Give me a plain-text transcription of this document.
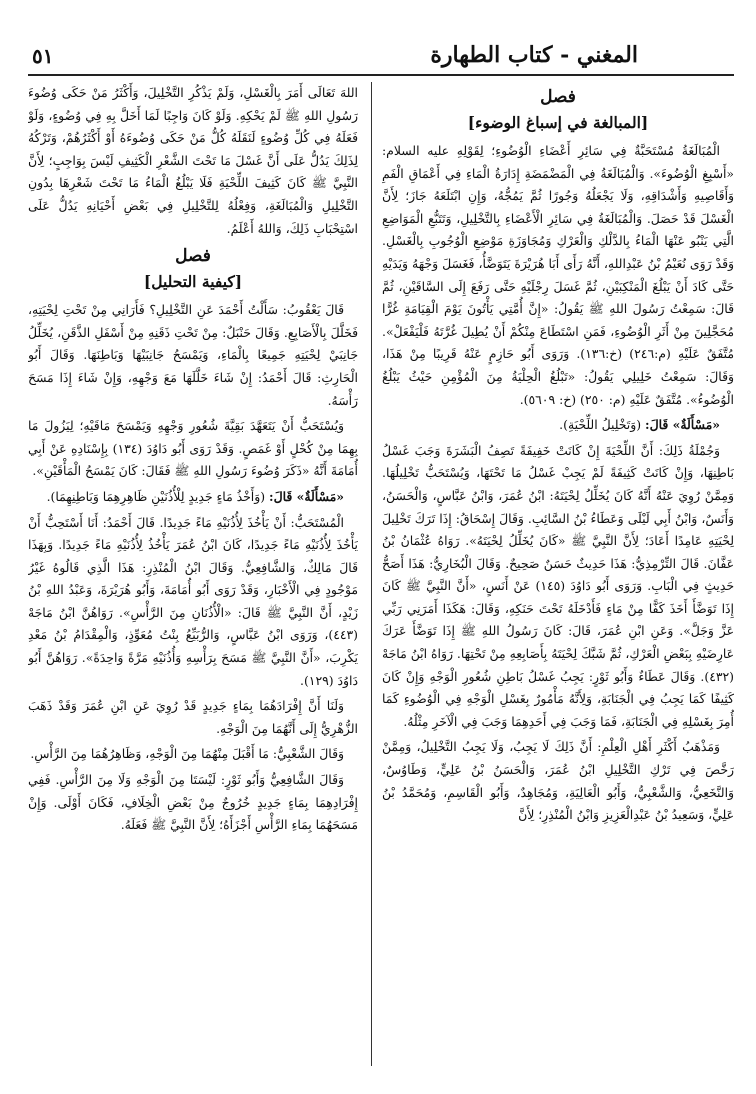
٥١	المغني - كتاب الطهارة
فصل
[المبالغة في إسباغ الوضوء]

الْمُبَالَغَةُ مُسْتَحَبَّةٌ فِي سَائِرِ أَعْضَاءِ الْوُضُوءِ؛ لِقَوْلِهِ عليه السلام: «أَسْبِغِ الْوُضُوءَ». وَالْمُبَالَغَةُ فِي الْمَضْمَضَةِ إِدَارَةُ الْمَاءِ فِي أَعْمَاقِ الْفَمِ وَأَقَاصِيهِ وَأَشْدَاقِهِ، وَلَا يَجْعَلُهُ وَجُورًا ثُمَّ يَمُجُّهُ، وَإِنِ ابْتَلَعَهُ جَازَ؛ لِأَنَّ الْغَسْلَ قَدْ حَصَلَ. وَالْمُبَالَغَةُ فِي سَائِرِ الْأَعْضَاءِ بِالتَّخْلِيلِ، وَتَتَبُّعِ الْمَوَاضِعِ الَّتِي يَنْبُو عَنْهَا الْمَاءُ بِالدَّلْكِ وَالْعَرْكِ وَمُجَاوَزَةِ مَوْضِعِ الْوُجُوبِ بِالْغَسْلِ. وَقَدْ رَوَى نُعَيْمُ بْنُ عَبْدِاللهِ، أَنَّهُ رَأَى أَبَا هُرَيْرَةَ يَتَوَضَّأُ، فَغَسَلَ وَجْهَهُ وَيَدَيْهِ حَتَّى كَادَ أَنْ يَبْلُغَ الْمَنْكِبَيْنِ، ثُمَّ غَسَلَ رِجْلَيْهِ حَتَّى رَفَعَ إِلَى السَّاقَيْنِ، ثُمَّ قَالَ: سَمِعْتُ رَسُولَ اللهِ ﷺ يَقُولُ: «إِنَّ أُمَّتِي يَأْتُونَ يَوْمَ الْقِيَامَةِ غُرًّا مُحَجَّلِينَ مِنْ أَثَرِ الْوُضُوءِ، فَمَنِ اسْتَطَاعَ مِنْكُمْ أَنْ يُطِيلَ غُرَّتَهُ فَلْيَفْعَلْ». مُتَّفَقٌ عَلَيْهِ (م:٢٤٦) (خ:١٣٦). وَرَوَى أَبُو حَازِمٍ عَنْهُ قَرِيبًا مِنْ هَذَا، وَقَالَ: سَمِعْتُ خَلِيلِي يَقُولُ: «تَبْلُغُ الْحِلْيَةُ مِنَ الْمُؤْمِنِ حَيْثُ يَبْلُغُ الْوُضُوءُ». مُتَّفَقٌ عَلَيْهِ (م: ٢٥٠) (خ: ٥٦٠٩).

«مَسْأَلَةٌ» قَالَ: (وَتَخْلِيلُ اللِّحْيَةِ).

وَجُمْلَةُ ذَلِكَ: أَنَّ اللِّحْيَةَ إِنْ كَانَتْ خَفِيفَةً تَصِفُ الْبَشَرَةَ وَجَبَ غَسْلُ بَاطِنِهَا، وَإِنْ كَانَتْ كَثِيفَةً لَمْ يَجِبْ غَسْلُ مَا تَحْتَهَا، وَيُسْتَحَبُّ تَخْلِيلُهَا. وَمِمَّنْ رُوِيَ عَنْهُ أَنَّهُ كَانَ يُخَلِّلُ لِحْيَتَهُ: ابْنُ عُمَرَ، وَابْنُ عَبَّاسٍ، وَالْحَسَنُ، وَأَنَسٌ، وَابْنُ أَبِي لَيْلَى وَعَطَاءُ بْنُ السَّائِبِ. وَقَالَ إِسْحَاقُ: إِذَا تَرَكَ تَخْلِيلَ لِحْيَتِهِ عَامِدًا أَعَادَ؛ لِأَنَّ النَّبِيَّ ﷺ «كَانَ يُخَلِّلُ لِحْيَتَهُ». رَوَاهُ عُثْمَانُ بْنُ عَفَّانَ. قَالَ التِّرْمِذِيُّ: هَذَا حَدِيثٌ حَسَنٌ صَحِيحٌ. وَقَالَ الْبُخَارِيُّ: هَذَا أَصَحُّ حَدِيثٍ فِي الْبَابِ. وَرَوَى أَبُو دَاوُدَ (١٤٥) عَنْ أَنَسٍ، «أَنَّ النَّبِيَّ ﷺ كَانَ إِذَا تَوَضَّأَ أَخَذَ كَفًّا مِنْ مَاءٍ فَأَدْخَلَهُ تَحْتَ حَنَكِهِ، وَقَالَ: هَكَذَا أَمَرَنِي رَبِّي عَزَّ وَجَلَّ». وَعَنِ ابْنِ عُمَرَ، قَالَ: كَانَ رَسُولُ اللهِ ﷺ إِذَا تَوَضَّأَ عَرَكَ عَارِضَيْهِ بِبَعْضِ الْعَرْكِ، ثُمَّ شَبَّكَ لِحْيَتَهُ بِأَصَابِعِهِ مِنْ تَحْتِهَا. رَوَاهُ ابْنُ مَاجَهْ (٤٣٢). وَقَالَ عَطَاءٌ وَأَبُو ثَوْرٍ: يَجِبُ غَسْلُ بَاطِنِ شُعُورِ الْوَجْهِ وَإِنْ كَانَ كَثِيفًا كَمَا يَجِبُ فِي الْجَنَابَةِ، وَلِأَنَّهُ مَأْمُورٌ بِغَسْلِ الْوَجْهِ فِي الْوُضُوءِ كَمَا أُمِرَ بِغَسْلِهِ فِي الْجَنَابَةِ، فَمَا وَجَبَ فِي أَحَدِهِمَا وَجَبَ فِي الْآخَرِ مِثْلُهُ.

وَمَذْهَبُ أَكْثَرِ أَهْلِ الْعِلْمِ: أَنَّ ذَلِكَ لَا يَجِبُ، وَلَا يَجِبُ التَّخْلِيلُ، وَمِمَّنْ رَخَّصَ فِي تَرْكِ التَّخْلِيلِ ابْنُ عُمَرَ، وَالْحَسَنُ بْنُ عَلِيٍّ، وَطَاوُسٌ، وَالنَّخَعِيُّ، وَالشَّعْبِيُّ، وَأَبُو الْعَالِيَةِ، وَمُجَاهِدٌ، وَأَبُو الْقَاسِمِ، وَمُحَمَّدُ بْنُ عَلِيٍّ، وَسَعِيدُ بْنُ عَبْدِالْعَزِيزِ وَابْنُ الْمُنْذِرِ؛ لِأَنَّ

اللهَ تَعَالَى أَمَرَ بِالْغَسْلِ، وَلَمْ يَذْكُرِ التَّخْلِيلَ، وَأَكْثَرُ مَنْ حَكَى وُضُوءَ رَسُولِ اللهِ ﷺ لَمْ يَحْكِهِ. وَلَوْ كَانَ وَاجِبًا لَمَا أَخَلَّ بِهِ فِي وُضُوءٍ، وَلَوْ فَعَلَهُ فِي كُلِّ وُضُوءٍ لَنَقَلَهُ كُلُّ مَنْ حَكَى وُضُوءَهُ أَوْ أَكْثَرُهُمْ، وَتَرْكُهُ لِذَلِكَ يَدُلُّ عَلَى أَنَّ غَسْلَ مَا تَحْتَ الشَّعْرِ الْكَثِيفِ لَيْسَ بِوَاجِبٍ؛ لِأَنَّ النَّبِيَّ ﷺ كَانَ كَثِيفَ اللِّحْيَةِ فَلَا يَبْلُغُ الْمَاءُ مَا تَحْتَ شَعْرِهَا بِدُونِ التَّخْلِيلِ وَالْمُبَالَغَةِ، وَفِعْلُهُ لِلتَّخْلِيلِ فِي بَعْضِ أَحْيَانِهِ يَدُلُّ عَلَى اسْتِحْبَابِ ذَلِكَ، وَاللهُ أَعْلَمُ.

فصل
[كيفية التحليل]

قَالَ يَعْقُوبُ: سَأَلْتُ أَحْمَدَ عَنِ التَّخْلِيلِ؟ فَأَرَانِي مِنْ تَحْتِ لِحْيَتِهِ، فَخَلَّلَ بِالْأَصَابِعِ. وَقَالَ حَنْبَلٌ: مِنْ تَحْتِ ذَقَنِهِ مِنْ أَسْفَلِ الذَّقَنِ، يُخَلِّلُ جَانِبَيْ لِحْيَتِهِ جَمِيعًا بِالْمَاءِ، وَيَمْسَحُ جَانِبَيْهَا وَبَاطِنَهَا. وَقَالَ أَبُو الْحَارِثِ: قَالَ أَحْمَدُ: إِنْ شَاءَ خَلَّلَهَا مَعَ وَجْهِهِ، وَإِنْ شَاءَ إِذَا مَسَحَ رَأْسَهُ.

وَيُسْتَحَبُّ أَنْ يَتَعَهَّدَ بَقِيَّةَ شُعُورِ وَجْهِهِ وَيَمْسَحَ مَاقَيْهِ؛ لِيَزُولَ مَا بِهِمَا مِنْ كُحْلٍ أَوْ غَمَصٍ. وَقَدْ رَوَى أَبُو دَاوُدَ (١٣٤) بِإِسْنَادِهِ عَنْ أَبِي أُمَامَةَ أَنَّهُ «ذَكَرَ وُضُوءَ رَسُولِ اللهِ ﷺ فَقَالَ: كَانَ يَمْسَحُ الْمَأْقَيْنِ».

«مَسْأَلَةٌ» قَالَ: (وَأَخْذُ مَاءٍ جَدِيدٍ لِلْأُذُنَيْنِ ظَاهِرِهِمَا وَبَاطِنِهِمَا).

الْمُسْتَحَبُّ: أَنْ يَأْخُذَ لِأُذُنَيْهِ مَاءً جَدِيدًا. قَالَ أَحْمَدُ: أَنَا أَسْتَحِبُّ أَنْ يَأْخُذَ لِأُذُنَيْهِ مَاءً جَدِيدًا، كَانَ ابْنُ عُمَرَ يَأْخُذُ لِأُذُنَيْهِ مَاءً جَدِيدًا. وَبِهَذَا قَالَ مَالِكٌ، وَالشَّافِعِيُّ. وَقَالَ ابْنُ الْمُنْذِرِ: هَذَا الَّذِي قَالُوهُ غَيْرُ مَوْجُودٍ فِي الْأَخْبَارِ، وَقَدْ رَوَى أَبُو أُمَامَةَ، وَأَبُو هُرَيْرَةَ، وَعَبْدُ اللهِ بْنُ زَيْدٍ، أَنَّ النَّبِيَّ ﷺ قَالَ: «الْأُذُنَانِ مِنَ الرَّأْسِ». رَوَاهُنَّ ابْنُ مَاجَهْ (٤٤٣)، وَرَوَى ابْنُ عَبَّاسٍ، وَالرُّبَيِّعُ بِنْتُ مُعَوِّذٍ، وَالْمِقْدَامُ بْنُ مَعْدِ يَكْرِبَ، «أَنَّ النَّبِيَّ ﷺ مَسَحَ بِرَأْسِهِ وَأُذُنَيْهِ مَرَّةً وَاحِدَةً». رَوَاهُنَّ أَبُو دَاوُدَ (١٢٩).

وَلَنَا أَنَّ إِفْرَادَهُمَا بِمَاءٍ جَدِيدٍ قَدْ رُوِيَ عَنِ ابْنِ عُمَرَ وَقَدْ ذَهَبَ الزُّهْرِيُّ إِلَى أَنَّهُمَا مِنَ الْوَجْهِ.

وَقَالَ الشَّعْبِيُّ: مَا أَقْبَلَ مِنْهُمَا مِنَ الْوَجْهِ، وَظَاهِرُهُمَا مِنَ الرَّأْسِ.

وَقَالَ الشَّافِعِيُّ وَأَبُو ثَوْرٍ: لَيْسَتَا مِنَ الْوَجْهِ وَلَا مِنَ الرَّأْسِ. فَفِي إِفْرَادِهِمَا بِمَاءٍ جَدِيدٍ خُرُوجٌ مِنْ بَعْضِ الْخِلَافِ، فَكَانَ أَوْلَى. وَإِنْ مَسَحَهُمَا بِمَاءِ الرَّأْسِ أَجْزَأَهُ؛ لِأَنَّ النَّبِيَّ ﷺ فَعَلَهُ.
